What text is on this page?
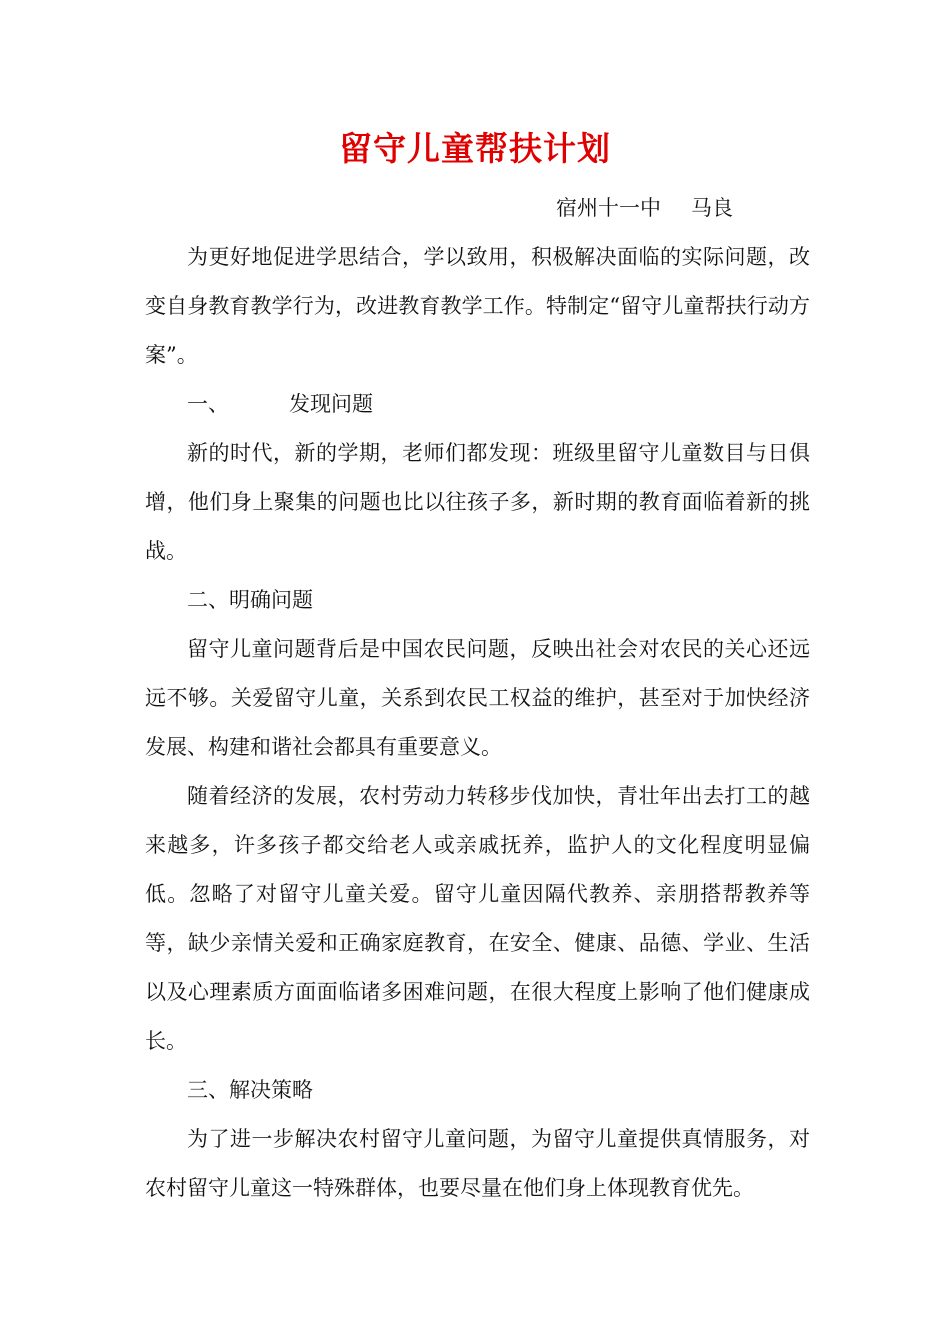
留守儿童帮扶计划
宿州十一中 马良

为更好地促进学思结合，学以致用，积极解决面临的实际问题，改变自身教育教学行为，改进教育教学工作。特制定“留守儿童帮扶行动方案”。

一、	发现问题

新的时代，新的学期，老师们都发现：班级里留守儿童数目与日俱增，他们身上聚集的问题也比以往孩子多，新时期的教育面临着新的挑战。

二、明确问题

留守儿童问题背后是中国农民问题，反映出社会对农民的关心还远远不够。关爱留守儿童，关系到农民工权益的维护，甚至对于加快经济发展、构建和谐社会都具有重要意义。

随着经济的发展，农村劳动力转移步伐加快，青壮年出去打工的越来越多，许多孩子都交给老人或亲戚抚养，监护人的文化程度明显偏低。忽略了对留守儿童关爱。留守儿童因隔代教养、亲朋搭帮教养等等，缺少亲情关爱和正确家庭教育，在安全、健康、品德、学业、生活以及心理素质方面面临诸多困难问题，在很大程度上影响了他们健康成长。

三、解决策略

为了进一步解决农村留守儿童问题，为留守儿童提供真情服务，对农村留守儿童这一特殊群体，也要尽量在他们身上体现教育优先。
